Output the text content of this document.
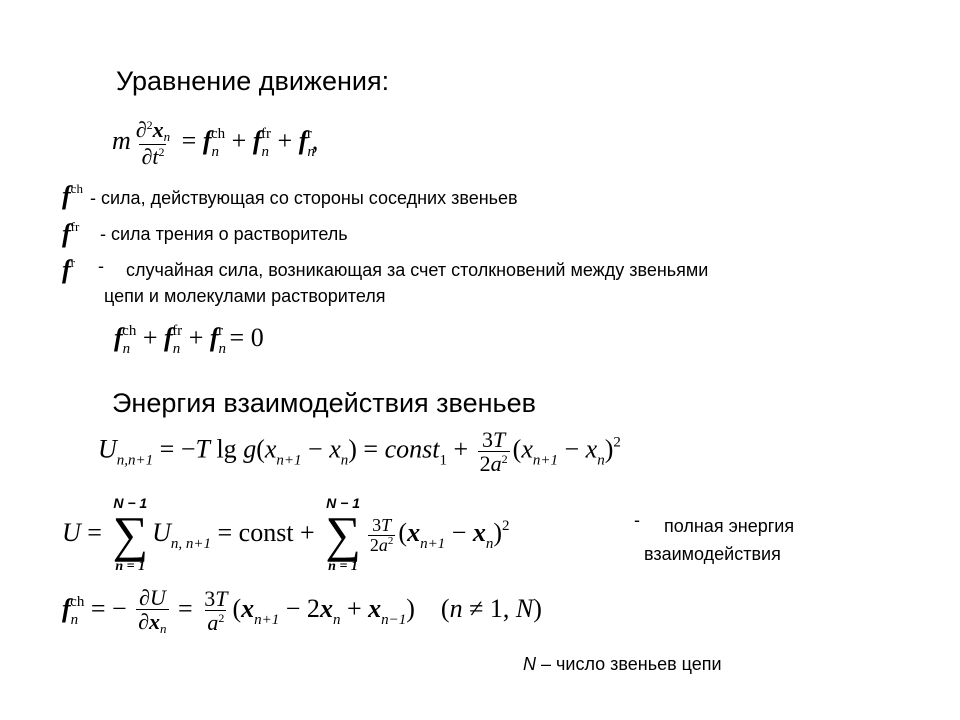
Уравнение движения:
m $\frac{\partial^2x_n}{\partial t^2} = f_n^{ch} + f_n^{fr} + f_n^r$,
$f^{ch}$ - сила, действующая со стороны соседних звеньев
$f^{fr}$ - сила трения о растворитель
$f^r$ - случайная сила, возникающая за счет столкновений между звеньями
цепи и молекулами растворителя
$f_n^{ch} + f_n^{fr} + f_n^r = 0$
Энергия взаимодействия звеньев
$U_{n,n+1} = -T$ $\lg g(x_{n+1} - x_n)$ = const$_1$ + $\frac{3T}{2a^2} (x_{n+1} - x_n)^2$
U =
N − 1
∑
n = 1
$U_{n, n+1}$ = const +
N − 1
∑
n = 1
$\frac{3T}{2a^2} (x_{n+1} - x_n)^2$	- полная энергия
взаимодействия
$f_n^{ch}$ = − $\frac{\partial U}{\partial x_n} = \frac{3T}{a^2} (x_{n+1} - 2x_n + x_{n-1})$    (n ≠ 1, N)
N – число звеньев цепи
